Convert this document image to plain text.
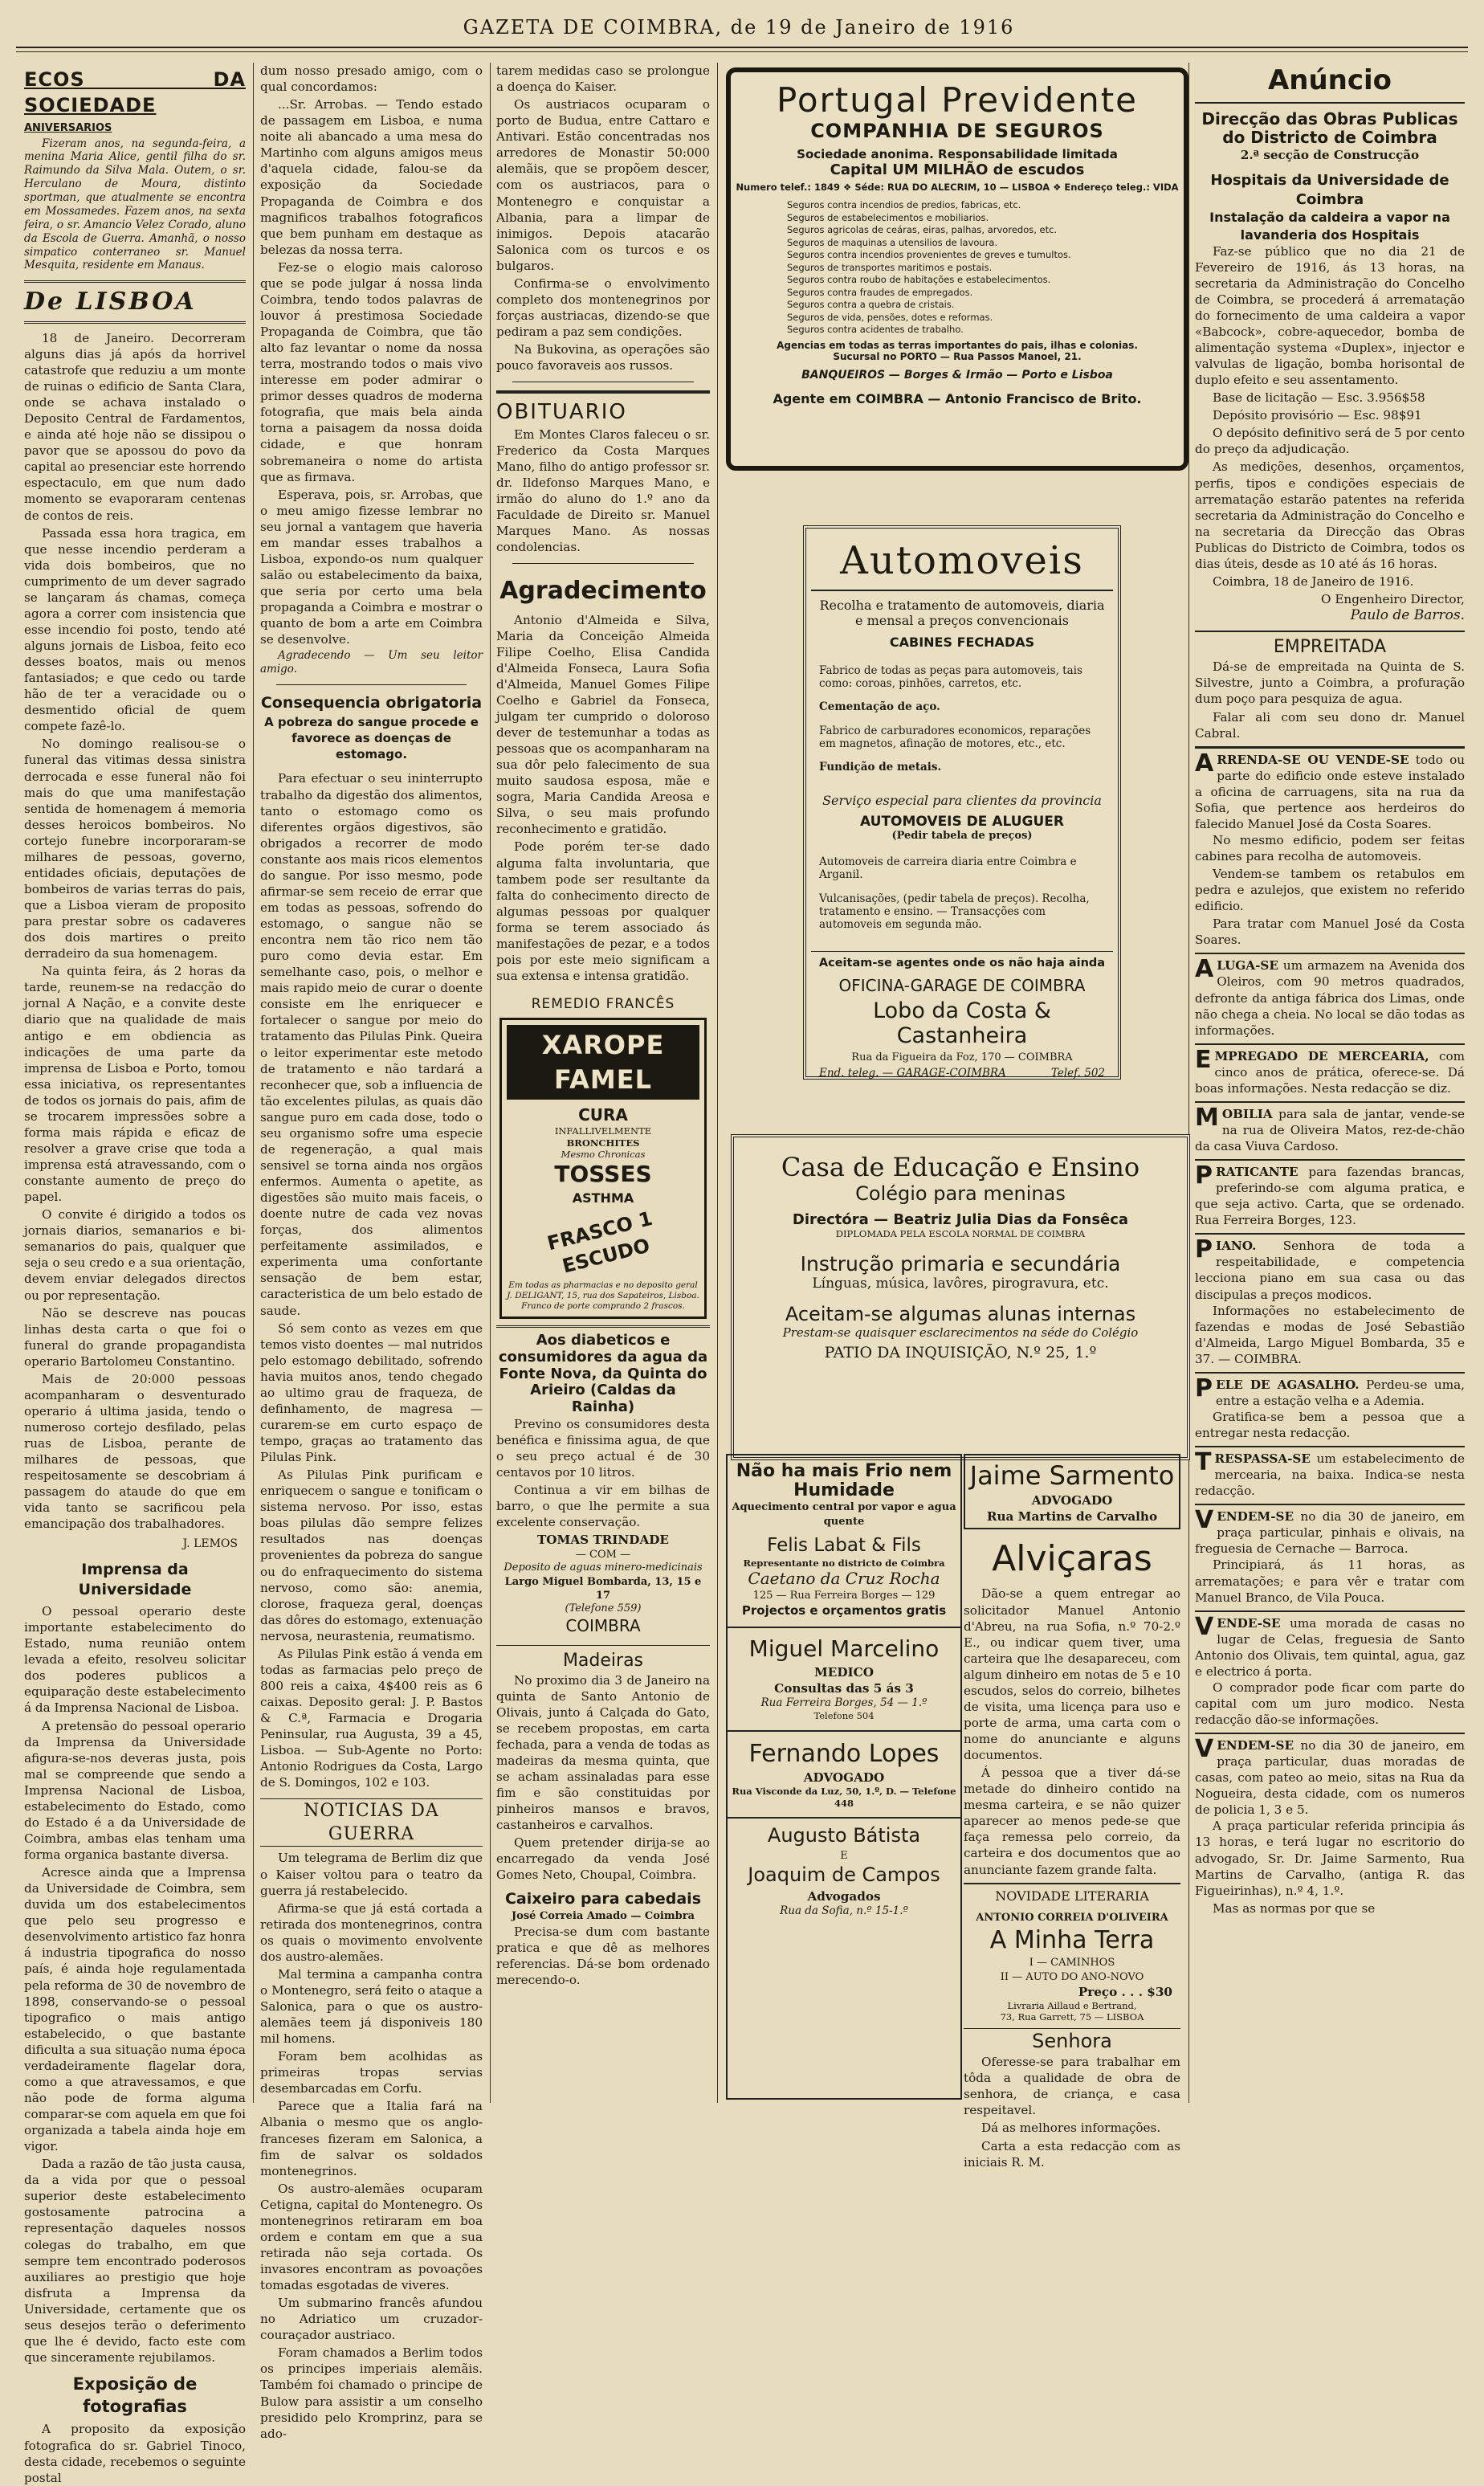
GAZETA DE COIMBRA, de 19 de Janeiro de 1916
ECOS DA SOCIEDADE
ANIVERSARIOS

Fizeram anos, na segunda-feira, a menina Maria Alice, gentil filha do sr. Raimundo da Silva Mala. Outem, o sr. Herculano de Moura, distinto sportman, que atualmente se encontra em Mossamedes. Fazem anos, na sexta feira, o sr. Amancio Velez Corado, aluno da Escola de Guerra. Amanhã, o nosso simpatico conterraneo sr. Manuel Mesquita, residente em Manaus.

De LISBOA

18 de Janeiro. Decorreram alguns dias já após da horrivel catastrofe que reduziu a um monte de ruinas o edificio de Santa Clara, onde se achava instalado o Deposito Central de Fardamentos, e ainda até hoje não se dissipou o pavor que se apossou do povo da capital ao presenciar este horrendo espectaculo, em que num dado momento se evaporaram centenas de contos de reis.

Passada essa hora tragica, em que nesse incendio perderam a vida dois bombeiros, que no cumprimento de um dever sagrado se lançaram ás chamas, começa agora a correr com insistencia que esse incendio foi posto, tendo até alguns jornais de Lisboa, feito eco desses boatos, mais ou menos fantasiados; e que cedo ou tarde hão de ter a veracidade ou o desmentido oficial de quem compete fazê-lo.

No domingo realisou-se o funeral das vitimas dessa sinistra derrocada e esse funeral não foi mais do que uma manifestação sentida de homenagem á memoria desses heroicos bombeiros. No cortejo funebre incorporaram-se milhares de pessoas, governo, entidades oficiais, deputações de bombeiros de varias terras do pais, que a Lisboa vieram de proposito para prestar sobre os cadaveres dos dois martires o preito derradeiro da sua homenagem.

Na quinta feira, ás 2 horas da tarde, reunem-se na redacção do jornal A Nação, e a convite deste diario que na qualidade de mais antigo e em obdiencia as indicações de uma parte da imprensa de Lisboa e Porto, tomou essa iniciativa, os representantes de todos os jornais do pais, afim de se trocarem impressões sobre a forma mais rápida e eficaz de resolver a grave crise que toda a imprensa está atravessando, com o constante aumento de preço do papel.

O convite é dirigido a todos os jornais diarios, semanarios e bi-semanarios do pais, qualquer que seja o seu credo e a sua orientação, devem enviar delegados directos ou por representação.

Não se descreve nas poucas linhas desta carta o que foi o funeral do grande propagandista operario Bartolomeu Constantino.

Mais de 20:000 pessoas acompanharam o desventurado operario á ultima jasida, tendo o numeroso cortejo desfilado, pelas ruas de Lisboa, perante de milhares de pessoas, que respeitosamente se descobriam á passagem do ataude do que em vida tanto se sacrificou pela emancipação dos trabalhadores.

J. LEMOS
Imprensa da Universidade

O pessoal operario deste importante estabelecimento do Estado, numa reunião ontem levada a efeito, resolveu solicitar dos poderes publicos a equiparação deste estabelecimento á da Imprensa Nacional de Lisboa.

A pretensão do pessoal operario da Imprensa da Universidade afigura-se-nos deveras justa, pois mal se compreende que sendo a Imprensa Nacional de Lisboa, estabelecimento do Estado, como do Estado é a da Universidade de Coimbra, ambas elas tenham uma forma organica bastante diversa.

Acresce ainda que a Imprensa da Universidade de Coimbra, sem duvida um dos estabelecimentos que pelo seu progresso e desenvolvimento artistico faz honra á industria tipografica do nosso país, é ainda hoje regulamentada pela reforma de 30 de novembro de 1898, conservando-se o pessoal tipografico o mais antigo estabelecido, o que bastante dificulta a sua situação numa época verdadeiramente flagelar dora, como a que atravessamos, e que não pode de forma alguma comparar-se com aquela em que foi organizada a tabela ainda hoje em vigor.

Dada a razão de tão justa causa, da a vida por que o pessoal superior deste estabelecimento gostosamente patrocina a representação daqueles nossos colegas do trabalho, em que sempre tem encontrado poderosos auxiliares ao prestigio que hoje disfruta a Imprensa da Universidade, certamente que os seus desejos terão o deferimento que lhe é devido, facto este com que sinceramente rejubilamos.

Exposição de fotografias

A proposito da exposição fotografica do sr. Gabriel Tinoco, desta cidade, recebemos o seguinte postal

dum nosso presado amigo, com o qual concordamos:

...Sr. Arrobas. — Tendo estado de passagem em Lisboa, e numa noite ali abancado a uma mesa do Martinho com alguns amigos meus d'aquela cidade, falou-se da exposição da Sociedade Propaganda de Coimbra e dos magnificos trabalhos fotograficos que bem punham em destaque as belezas da nossa terra.

Fez-se o elogio mais caloroso que se pode julgar á nossa linda Coimbra, tendo todos palavras de louvor á prestimosa Sociedade Propaganda de Coimbra, que tão alto faz levantar o nome da nossa terra, mostrando todos o mais vivo interesse em poder admirar o primor desses quadros de moderna fotografia, que mais bela ainda torna a paisagem da nossa doida cidade, e que honram sobremaneira o nome do artista que as firmava.

Esperava, pois, sr. Arrobas, que o meu amigo fizesse lembrar no seu jornal a vantagem que haveria em mandar esses trabalhos a Lisboa, expondo-os num qualquer salão ou estabelecimento da baixa, que seria por certo uma bela propaganda a Coimbra e mostrar o quanto de bom a arte em Coimbra se desenvolve.

Agradecendo — Um seu leitor amigo.

Consequencia obrigatoria
A pobreza do sangue procede e favorece as doenças de estomago.

Para efectuar o seu ininterrupto trabalho da digestão dos alimentos, tanto o estomago como os diferentes orgãos digestivos, são obrigados a recorrer de modo constante aos mais ricos elementos do sangue. Por isso mesmo, pode afirmar-se sem receio de errar que em todas as pessoas, sofrendo do estomago, o sangue não se encontra nem tão rico nem tão puro como devia estar. Em semelhante caso, pois, o melhor e mais rapido meio de curar o doente consiste em lhe enriquecer e fortalecer o sangue por meio do tratamento das Pilulas Pink. Queira o leitor experimentar este metodo de tratamento e não tardará a reconhecer que, sob a influencia de tão excelentes pilulas, as quais dão sangue puro em cada dose, todo o seu organismo sofre uma especie de regeneração, a qual mais sensivel se torna ainda nos orgãos enfermos. Aumenta o apetite, as digestões são muito mais faceis, o doente nutre de cada vez novas forças, dos alimentos perfeitamente assimilados, e experimenta uma confortante sensação de bem estar, caracteristica de um belo estado de saude.

Só sem conto as vezes em que temos visto doentes — mal nutridos pelo estomago debilitado, sofrendo havia muitos anos, tendo chegado ao ultimo grau de fraqueza, de definhamento, de magresa — curarem-se em curto espaço de tempo, graças ao tratamento das Pilulas Pink.

As Pilulas Pink purificam e enriquecem o sangue e tonificam o sistema nervoso. Por isso, estas boas pilulas dão sempre felizes resultados nas doenças provenientes da pobreza do sangue ou do enfraquecimento do sistema nervoso, como são: anemia, clorose, fraqueza geral, doenças das dôres do estomago, extenuação nervosa, neurastenia, reumatismo.

As Pilulas Pink estão á venda em todas as farmacias pelo preço de 800 reis a caixa, 4$400 reis as 6 caixas. Deposito geral: J. P. Bastos & C.ª, Farmacia e Drogaria Peninsular, rua Augusta, 39 a 45, Lisboa. — Sub-Agente no Porto: Antonio Rodrigues da Costa, Largo de S. Domingos, 102 e 103.

NOTICIAS DA GUERRA

Um telegrama de Berlim diz que o Kaiser voltou para o teatro da guerra já restabelecido.

Afirma-se que já está cortada a retirada dos montenegrinos, contra os quais o movimento envolvente dos austro-alemães.

Mal termina a campanha contra o Montenegro, será feito o ataque a Salonica, para o que os austro-alemães teem já disponiveis 180 mil homens.

Foram bem acolhidas as primeiras tropas servias desembarcadas em Corfu.

Parece que a Italia fará na Albania o mesmo que os anglo-franceses fizeram em Salonica, a fim de salvar os soldados montenegrinos.

Os austro-alemães ocuparam Cetigna, capital do Montenegro. Os montenegrinos retiraram em boa ordem e contam em que a sua retirada não seja cortada. Os invasores encontram as povoações tomadas esgotadas de viveres.

Um submarino francês afundou no Adriatico um cruzador-couraçador austriaco.

Foram chamados a Berlim todos os principes imperiais alemãis. Também foi chamado o principe de Bulow para assistir a um conselho presidido pelo Kromprinz, para se ado-

tarem medidas caso se prolongue a doença do Kaiser.

Os austriacos ocuparam o porto de Budua, entre Cattaro e Antivari. Estão concentradas nos arredores de Monastir 50:000 alemãis, que se propõem descer, com os austriacos, para o Montenegro e conquistar a Albania, para a limpar de inimigos. Depois atacarão Salonica com os turcos e os bulgaros.

Confirma-se o envolvimento completo dos montenegrinos por forças austriacas, dizendo-se que pediram a paz sem condições.

Na Bukovina, as operações são pouco favoraveis aos russos.

OBITUARIO

Em Montes Claros faleceu o sr. Frederico da Costa Marques Mano, filho do antigo professor sr. dr. Ildefonso Marques Mano, e irmão do aluno do 1.º ano da Faculdade de Direito sr. Manuel Marques Mano. As nossas condolencias.

Agradecimento

Antonio d'Almeida e Silva, Maria da Conceição Almeida Filipe Coelho, Elisa Candida d'Almeida Fonseca, Laura Sofia d'Almeida, Manuel Gomes Filipe Coelho e Gabriel da Fonseca, julgam ter cumprido o doloroso dever de testemunhar a todas as pessoas que os acompanharam na sua dôr pelo falecimento de sua muito saudosa esposa, mãe e sogra, Maria Candida Areosa e Silva, o seu mais profundo reconhecimento e gratidão.

Pode porém ter-se dado alguma falta involuntaria, que tambem pode ser resultante da falta do conhecimento directo de algumas pessoas por qualquer forma se terem associado ás manifestações de pezar, e a todos pois por este meio significam a sua extensa e intensa gratidão.

REMEDIO FRANCÊS
XAROPE FAMEL
CURA
INFALLIVELMENTE
BRONCHITES
Mesmo Chronicas
TOSSES
ASTHMA
FRASCO 1 ESCUDO
Em todas as pharmacias e no deposito geral J. DELIGANT, 15, rua dos Sapateiros, Lisboa. Franco de porte comprando 2 frascos.
Aos diabeticos e consumidores da agua da Fonte Nova, da Quinta do Arieiro (Caldas da Rainha)

Previno os consumidores desta benéfica e finissima agua, de que o seu preço actual é de 30 centavos por 10 litros.

Continua a vir em bilhas de barro, o que lhe permite a sua excelente conservação.

TOMAS TRINDADE
— COM —
Deposito de aguas minero-medicinais
Largo Miguel Bombarda, 13, 15 e 17
(Telefone 559)
COIMBRA
Madeiras

No proximo dia 3 de Janeiro na quinta de Santo Antonio de Olivais, junto á Calçada do Gato, se recebem propostas, em carta fechada, para a venda de todas as madeiras da mesma quinta, que se acham assinaladas para esse fim e são constituidas por pinheiros mansos e bravos, castanheiros e carvalhos.

Quem pretender dirija-se ao encarregado da venda José Gomes Neto, Choupal, Coimbra.

Caixeiro para cabedais
José Correia Amado — Coimbra

Precisa-se dum com bastante pratica e que dê as melhores referencias. Dá-se bom ordenado merecendo-o.

Portugal Previdente
COMPANHIA DE SEGUROS
Sociedade anonima. Responsabilidade limitada
Capital UM MILHÃO de escudos
Numero telef.: 1849 ❖ Séde: RUA DO ALECRIM, 10 — LISBOA ❖ Endereço teleg.: VIDA
Seguros contra incendios de predios, fabricas, etc.
Seguros de estabelecimentos e mobiliarios.
Seguros agricolas de ceáras, eiras, palhas, arvoredos, etc.
Seguros de maquinas a utensilios de lavoura.
Seguros contra incendios provenientes de greves e tumultos.
Seguros de transportes maritimos e postais.
Seguros contra roubo de habitações e estabelecimentos.
Seguros contra fraudes de empregados.
Seguros contra a quebra de cristais.
Seguros de vida, pensões, dotes e reformas.
Seguros contra acidentes de trabalho.
Agencias em todas as terras importantes do pais, ilhas e colonias. Sucursal no PORTO — Rua Passos Manoel, 21.
BANQUEIROS — Borges & Irmão — Porto e Lisboa
Agente em COIMBRA — Antonio Francisco de Brito.
Automoveis
Recolha e tratamento de automoveis, diaria e mensal a preços convencionais
CABINES FECHADAS

Fabrico de todas as peças para automoveis, tais como: coroas, pinhões, carretos, etc.

Cementação de aço.

Fabrico de carburadores economicos, reparações em magnetos, afinação de motores, etc., etc.

Fundição de metais.

Serviço especial para clientes da provincia
AUTOMOVEIS DE ALUGUER
(Pedir tabela de preços)

Automoveis de carreira diaria entre Coimbra e Arganil.

Vulcanisações, (pedir tabela de preços). Recolha, tratamento e ensino. — Transacções com automoveis em segunda mão.

Aceitam-se agentes onde os não haja ainda
OFICINA-GARAGE DE COIMBRA
Lobo da Costa & Castanheira
Rua da Figueira da Foz, 170 — COIMBRA
End. teleg. — GARAGE-COIMBRA	Telef. 502
Casa de Educação e Ensino
Colégio para meninas
Directóra — Beatriz Julia Dias da Fonsêca
DIPLOMADA PELA ESCOLA NORMAL DE COIMBRA
Instrução primaria e secundária
Línguas, música, lavôres, pirogravura, etc.
Aceitam-se algumas alunas internas
Prestam-se quaisquer esclarecimentos na séde do Colégio
PATIO DA INQUISIÇÃO, N.º 25, 1.º
Não ha mais Frio nem Humidade
Aquecimento central por vapor e agua quente
Felis Labat & Fils
Representante no districto de Coimbra
Caetano da Cruz Rocha
125 — Rua Ferreira Borges — 129
Projectos e orçamentos gratis
Miguel Marcelino
MEDICO
Consultas das 5 ás 3
Rua Ferreira Borges, 54 — 1.º
Telefone 504
Fernando Lopes
ADVOGADO
Rua Visconde da Luz, 50, 1.º, D. — Telefone 448
Augusto Bátista
E
Joaquim de Campos
Advogados
Rua da Sofia, n.º 15-1.º
Jaime Sarmento
ADVOGADO
Rua Martins de Carvalho
Alviçaras

Dão-se a quem entregar ao solicitador Manuel Antonio d'Abreu, na rua Sofia, n.º 70-2.º E., ou indicar quem tiver, uma carteira que lhe desapareceu, com algum dinheiro em notas de 5 e 10 escudos, selos do correio, bilhetes de visita, uma licença para uso e porte de arma, uma carta com o nome do anunciante e alguns documentos.

Á pessoa que a tiver dá-se metade do dinheiro contido na mesma carteira, e se não quizer aparecer ao menos pede-se que faça remessa pelo correio, da carteira e dos documentos que ao anunciante fazem grande falta.

NOVIDADE LITERARIA
ANTONIO CORREIA D'OLIVEIRA
A Minha Terra
I — CAMINHOS
II — AUTO DO ANO-NOVO
Preço . . . $30
Livraria Aillaud e Bertrand,
73, Rua Garrett, 75 — LISBOA
Senhora

Oferesse-se para trabalhar em tôda a qualidade de obra de senhora, de criança, e casa respeitavel.

Dá as melhores informações.

Carta a esta redacção com as iniciais R. M.

Anúncio
Direcção das Obras Publicas do Districto de Coimbra
2.ª secção de Construcção
Hospitais da Universidade de Coimbra
Instalação da caldeira a vapor na lavanderia dos Hospitais

Faz-se público que no dia 21 de Fevereiro de 1916, ás 13 horas, na secretaria da Administração do Concelho de Coimbra, se procederá á arrematação do fornecimento de uma caldeira a vapor «Babcock», cobre-aquecedor, bomba de alimentação systema «Duplex», injector e valvulas de ligação, bomba horisontal de duplo efeito e seu assentamento.

Base de licitação — Esc. 3.956$58

Depósito provisório — Esc. 98$91

O depósito definitivo será de 5 por cento do preço da adjudicação.

As medições, desenhos, orçamentos, perfis, tipos e condições especiais de arrematação estarão patentes na referida secretaria da Administração do Concelho e na secretaria da Direcção das Obras Publicas do Districto de Coimbra, todos os dias úteis, desde as 10 até ás 16 horas.

Coimbra, 18 de Janeiro de 1916.

O Engenheiro Director,
Paulo de Barros.
EMPREITADA

Dá-se de empreitada na Quinta de S. Silvestre, junto a Coimbra, a profuração dum poço para pesquiza de agua.

Falar ali com seu dono dr. Manuel Cabral.

ARRENDA-SE OU VENDE-SE todo ou parte do edificio onde esteve instalado a oficina de carruagens, sita na rua da Sofia, que pertence aos herdeiros do falecido Manuel José da Costa Soares.

No mesmo edificio, podem ser feitas cabines para recolha de automoveis.

Vendem-se tambem os retabulos em pedra e azulejos, que existem no referido edificio.

Para tratar com Manuel José da Costa Soares.

ALUGA-SE um armazem na Avenida dos Oleiros, com 90 metros quadrados, defronte da antiga fábrica dos Limas, onde não chega a cheia. No local se dão todas as informações.
EMPREGADO DE MERCEARIA, com cinco anos de prática, oferece-se. Dá boas informações. Nesta redacção se diz.
MOBILIA para sala de jantar, vende-se na rua de Oliveira Matos, rez-de-chão da casa Viuva Cardoso.
PRATICANTE para fazendas brancas, preferindo-se com alguma pratica, e que seja activo. Carta, que se ordenado. Rua Ferreira Borges, 123.
PIANO. Senhora de toda a respeitabilidade, e competencia lecciona piano em sua casa ou das discipulas a preços modicos.

Informações no estabelecimento de fazendas e modas de José Sebastião d'Almeida, Largo Miguel Bombarda, 35 e 37. — COIMBRA.

PELE DE AGASALHO. Perdeu-se uma, entre a estação velha e a Ademia.

Gratifica-se bem a pessoa que a entregar nesta redacção.

TRESPASSA-SE um estabelecimento de mercearia, na baixa. Indica-se nesta redacção.
VENDEM-SE no dia 30 de janeiro, em praça particular, pinhais e olivais, na freguesia de Cernache — Barroca.

Principiará, ás 11 horas, as arrematações; e para vêr e tratar com Manuel Branco, de Vila Pouca.

VENDE-SE uma morada de casas no lugar de Celas, freguesia de Santo Antonio dos Olivais, tem quintal, agua, gaz e electrico á porta.

O comprador pode ficar com parte do capital com um juro modico. Nesta redacção dão-se informações.

VENDEM-SE no dia 30 de janeiro, em praça particular, duas moradas de casas, com pateo ao meio, sitas na Rua da Nogueira, desta cidade, com os numeros de policia 1, 3 e 5.

A praça particular referida principia ás 13 horas, e terá lugar no escritorio do advogado, Sr. Dr. Jaime Sarmento, Rua Martins de Carvalho, (antiga R. das Figueirinhas), n.º 4, 1.º.

Mas as normas por que se
